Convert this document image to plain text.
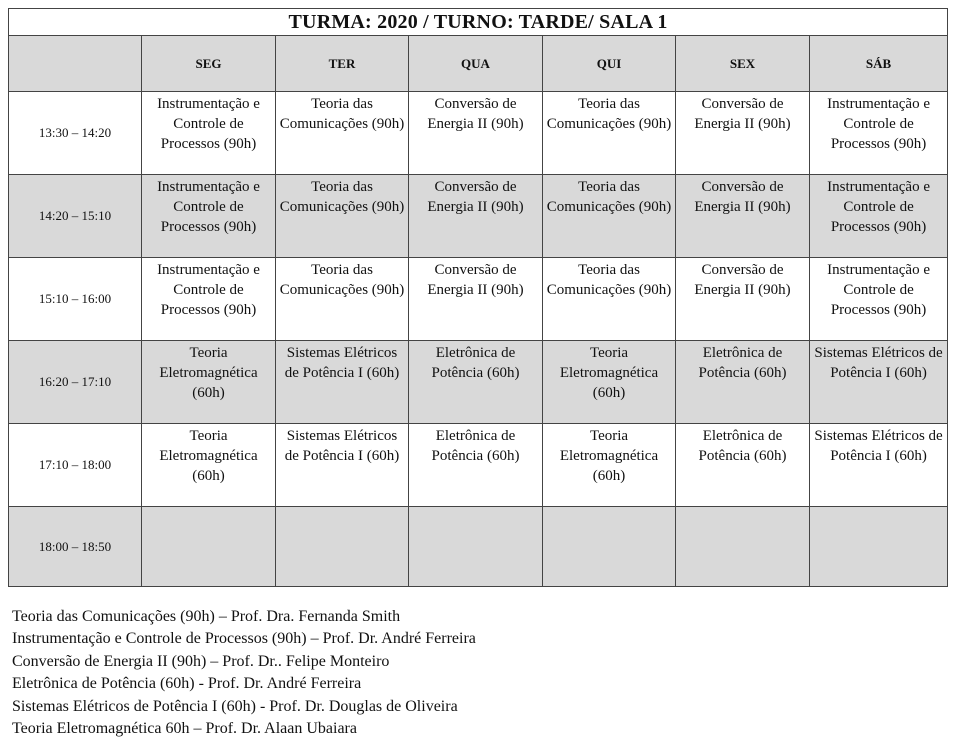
TURMA: 2020 / TURNO: TARDE/ SALA 1						
	SEG	TER	QUA	QUI	SEX	SÁB
13:30 – 14:20	Instrumentação e Controle de Processos (90h)	Teoria das Comunicações (90h)	Conversão de Energia II (90h)	Teoria das Comunicações (90h)	Conversão de Energia II (90h)	Instrumentação e Controle de Processos (90h)

14:20 – 15:10	Instrumentação e Controle de Processos (90h)	Teoria das Comunicações (90h)	Conversão de Energia II (90h)	Teoria das Comunicações (90h)	Conversão de Energia II (90h)	Instrumentação e Controle de Processos (90h)

15:10 – 16:00	Instrumentação e Controle de Processos (90h)	Teoria das Comunicações (90h)	Conversão de Energia II (90h)	Teoria das Comunicações (90h)	Conversão de Energia II (90h)	Instrumentação e Controle de Processos (90h)

16:20 – 17:10	Teoria Eletromagnética (60h)	Sistemas Elétricos de Potência I (60h)	Eletrônica de Potência (60h)	Teoria Eletromagnética (60h)	Eletrônica de Potência (60h)	Sistemas Elétricos de Potência I (60h)

17:10 – 18:00	Teoria Eletromagnética (60h)	Sistemas Elétricos de Potência I (60h)	Eletrônica de Potência (60h)	Teoria Eletromagnética (60h)	Eletrônica de Potência (60h)	Sistemas Elétricos de Potência I (60h)

18:00 – 18:50	

Teoria das Comunicações (90h) – Prof. Dra. Fernanda Smith
Instrumentação e Controle de Processos (90h) – Prof. Dr. André Ferreira
Conversão de Energia II (90h) – Prof. Dr.. Felipe Monteiro
Eletrônica de Potência (60h) - Prof. Dr. André Ferreira
Sistemas Elétricos de Potência I (60h) - Prof. Dr. Douglas de Oliveira
Teoria Eletromagnética 60h – Prof. Dr. Alaan Ubaiara
